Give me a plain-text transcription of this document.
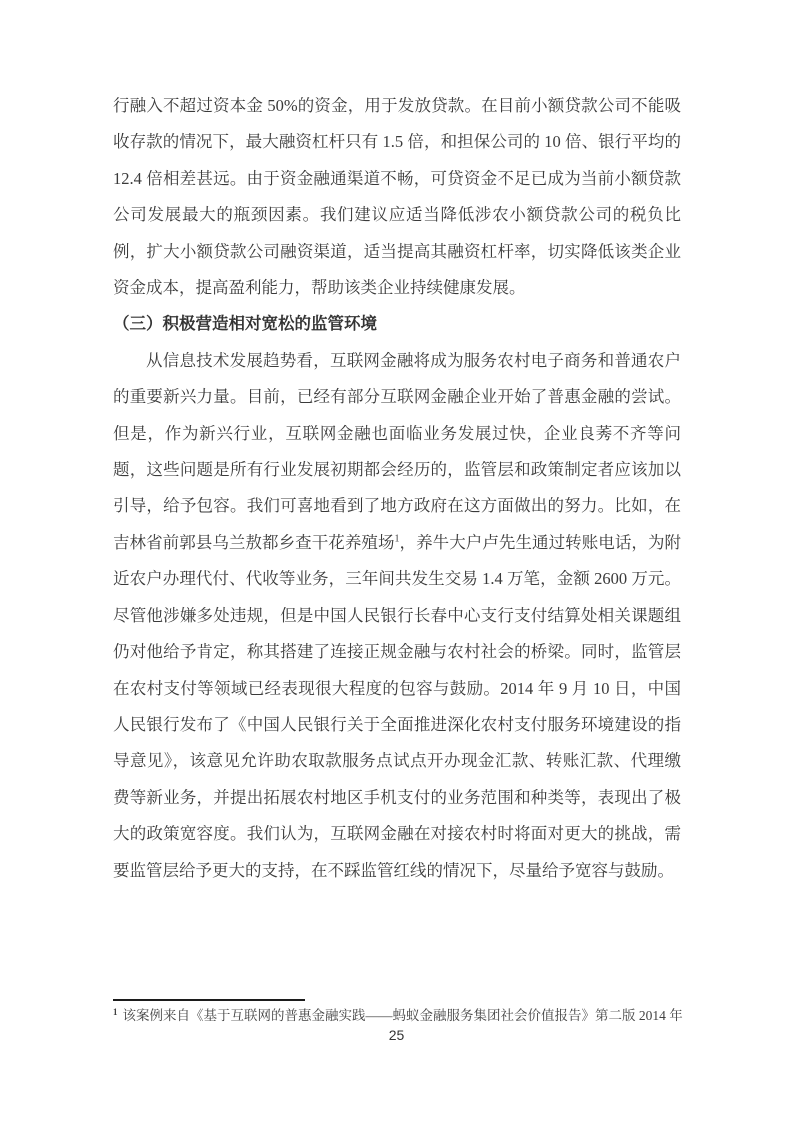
行融入不超过资本金 50%的资金，用于发放贷款。在目前小额贷款公司不能吸收存款的情况下，最大融资杠杆只有 1.5 倍，和担保公司的 10 倍、银行平均的 12.4 倍相差甚远。由于资金融通渠道不畅，可贷资金不足已成为当前小额贷款公司发展最大的瓶颈因素。我们建议应适当降低涉农小额贷款公司的税负比例，扩大小额贷款公司融资渠道，适当提高其融资杠杆率，切实降低该类企业资金成本，提高盈利能力，帮助该类企业持续健康发展。

（三）积极营造相对宽松的监管环境

从信息技术发展趋势看，互联网金融将成为服务农村电子商务和普通农户的重要新兴力量。目前，已经有部分互联网金融企业开始了普惠金融的尝试。但是，作为新兴行业，互联网金融也面临业务发展过快，企业良莠不齐等问题，这些问题是所有行业发展初期都会经历的，监管层和政策制定者应该加以引导，给予包容。我们可喜地看到了地方政府在这方面做出的努力。比如，在吉林省前郭县乌兰敖都乡查干花养殖场$^1$，养牛大户卢先生通过转账电话，为附近农户办理代付、代收等业务，三年间共发生交易 1.4 万笔，金额 2600 万元。尽管他涉嫌多处违规，但是中国人民银行长春中心支行支付结算处相关课题组仍对他给予肯定，称其搭建了连接正规金融与农村社会的桥梁。同时，监管层在农村支付等领域已经表现很大程度的包容与鼓励。2014 年 9 月 10 日，中国人民银行发布了《中国人民银行关于全面推进深化农村支付服务环境建设的指导意见》，该意见允许助农取款服务点试点开办现金汇款、转账汇款、代理缴费等新业务，并提出拓展农村地区手机支付的业务范围和种类等，表现出了极大的政策宽容度。我们认为，互联网金融在对接农村时将面对更大的挑战，需要监管层给予更大的支持，在不踩监管红线的情况下，尽量给予宽容与鼓励。

$^1$ 该案例来自《基于互联网的普惠金融实践——蚂蚁金融服务集团社会价值报告》第二版 2014 年
25
